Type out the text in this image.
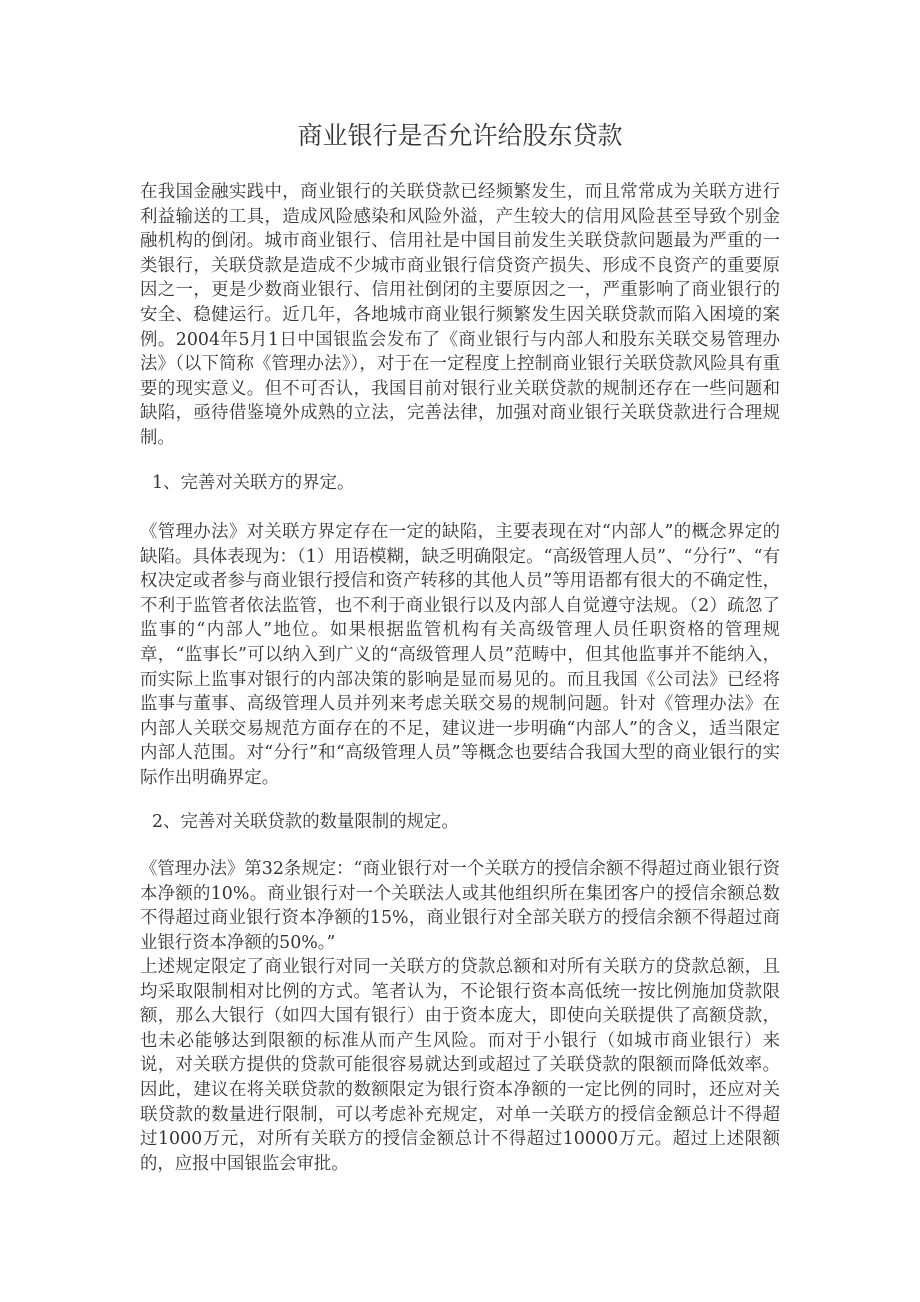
商业银行是否允许给股东贷款

在我国金融实践中，商业银行的关联贷款已经频繁发生，而且常常成为关联方进行利益输送的工具，造成风险感染和风险外溢，产生较大的信用风险甚至导致个别金融机构的倒闭。城市商业银行、信用社是中国目前发生关联贷款问题最为严重的一类银行，关联贷款是造成不少城市商业银行信贷资产损失、形成不良资产的重要原因之一，更是少数商业银行、信用社倒闭的主要原因之一，严重影响了商业银行的安全、稳健运行。近几年，各地城市商业银行频繁发生因关联贷款而陷入困境的案例。2004年5月1日中国银监会发布了《商业银行与内部人和股东关联交易管理办法》（以下简称《管理办法》），对于在一定程度上控制商业银行关联贷款风险具有重要的现实意义。但不可否认，我国目前对银行业关联贷款的规制还存在一些问题和缺陷，亟待借鉴境外成熟的立法，完善法律，加强对商业银行关联贷款进行合理规制。

1、完善对关联方的界定。

《管理办法》对关联方界定存在一定的缺陷，主要表现在对“内部人”的概念界定的缺陷。具体表现为：（1）用语模糊，缺乏明确限定。“高级管理人员”、“分行”、“有权决定或者参与商业银行授信和资产转移的其他人员”等用语都有很大的不确定性，不利于监管者依法监管，也不利于商业银行以及内部人自觉遵守法规。（2）疏忽了监事的“内部人”地位。如果根据监管机构有关高级管理人员任职资格的管理规章，“监事长”可以纳入到广义的“高级管理人员”范畴中，但其他监事并不能纳入，而实际上监事对银行的内部决策的影响是显而易见的。而且我国《公司法》已经将监事与董事、高级管理人员并列来考虑关联交易的规制问题。针对《管理办法》在内部人关联交易规范方面存在的不足，建议进一步明确“内部人”的含义，适当限定内部人范围。对“分行”和“高级管理人员”等概念也要结合我国大型的商业银行的实际作出明确界定。

2、完善对关联贷款的数量限制的规定。

《管理办法》第32条规定：“商业银行对一个关联方的授信余额不得超过商业银行资本净额的10%。商业银行对一个关联法人或其他组织所在集团客户的授信余额总数不得超过商业银行资本净额的15%，商业银行对全部关联方的授信余额不得超过商业银行资本净额的50%。”

上述规定限定了商业银行对同一关联方的贷款总额和对所有关联方的贷款总额，且均采取限制相对比例的方式。笔者认为，不论银行资本高低统一按比例施加贷款限额，那么大银行（如四大国有银行）由于资本庞大，即使向关联提供了高额贷款，也未必能够达到限额的标准从而产生风险。而对于小银行（如城市商业银行）来说，对关联方提供的贷款可能很容易就达到或超过了关联贷款的限额而降低效率。因此，建议在将关联贷款的数额限定为银行资本净额的一定比例的同时，还应对关联贷款的数量进行限制，可以考虑补充规定，对单一关联方的授信金额总计不得超过1000万元，对所有关联方的授信金额总计不得超过10000万元。超过上述限额的，应报中国银监会审批。
